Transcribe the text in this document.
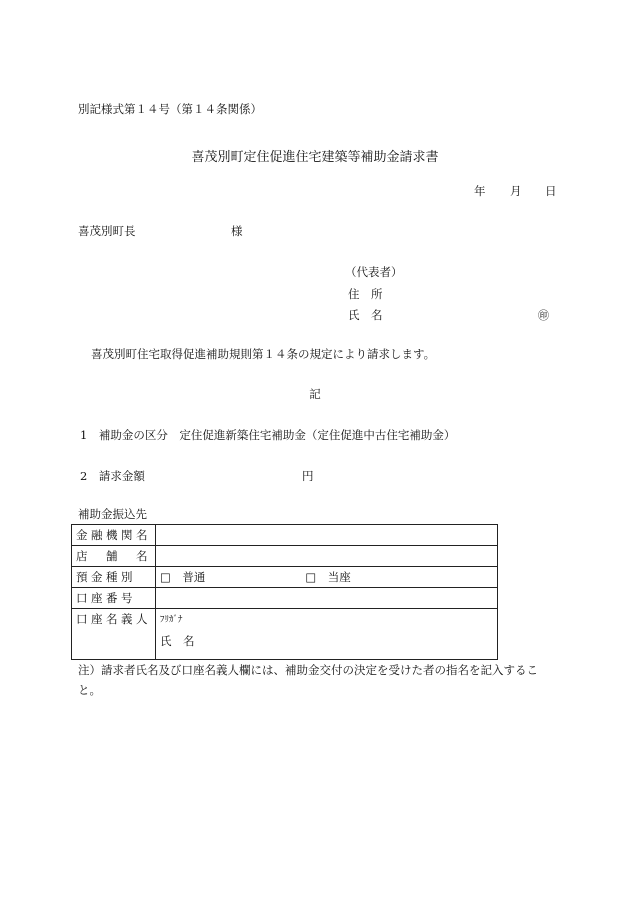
別記様式第１４号（第１４条関係）
喜茂別町定住促進住宅建築等補助金請求書
年 月 日
喜茂別町長	様
（代表者）
住　所
氏　名	㊞
喜茂別町住宅取得促進補助規則第１４条の規定により請求します。
記
1　補助金の区分　定住促進新築住宅補助金（定住促進中古住宅補助金）
2　請求金額	円
補助金振込先
金融機関名	
店　舗　名	
預金種別	□　普通 □　当座
口座番号	
口座名義人	ﾌﾘｶﾞﾅ
氏　名
注）請求者氏名及び口座名義人欄には、補助金交付の決定を受けた者の指名を記入すること。
